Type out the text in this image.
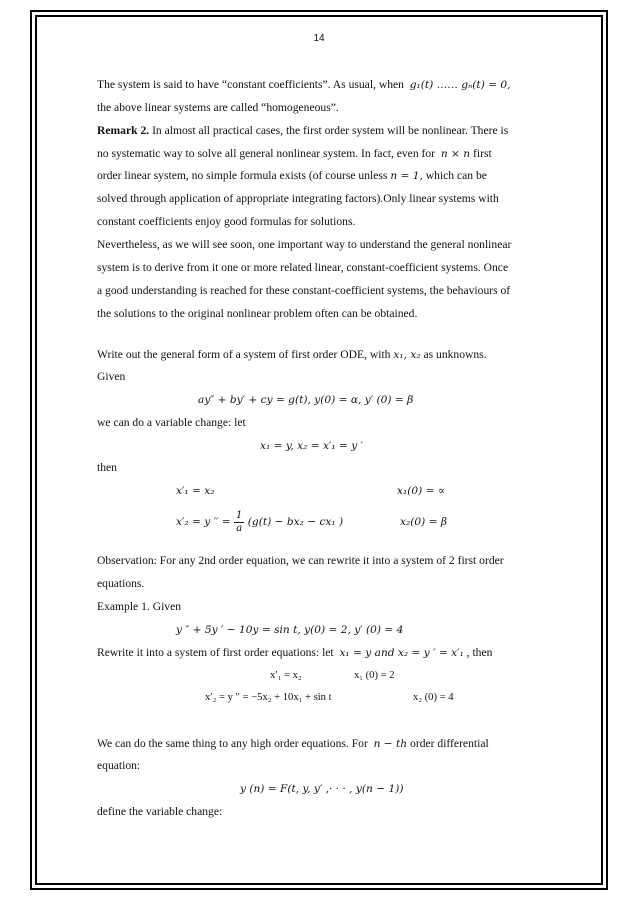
14
The system is said to have “constant coefficients”. As usual, when g₁(t) …… gₙ(t) = 0,
the above linear systems are called “homogeneous”.
Remark 2. In almost all practical cases, the first order system will be nonlinear. There is
no systematic way to solve all general nonlinear system. In fact, even for n × n first
order linear system, no simple formula exists (of course unless n = 1, which can be
solved through application of appropriate integrating factors).Only linear systems with
constant coefficients enjoy good formulas for solutions.
Nevertheless, as we will see soon, one important way to understand the general nonlinear
system is to derive from it one or more related linear, constant-coefficient systems. Once
a good understanding is reached for these constant-coefficient systems, the behaviours of
the solutions to the original nonlinear problem often can be obtained.
Write out the general form of a system of first order ODE, with x₁, x₂ as unknowns.
Given
ay″ + by′ + cy = g(t), y(0) = α, y′ (0) = β
we can do a variable change: let
x₁ = y, x₂ = x′₁ = y ′
then
x′₁ = x₂	x₁(0) = ∝
x′₂ = y ′′ = $\frac{1}{a} (g(t) - bx_2 - cx_1$ )	x₂(0) = β
Observation: For any 2nd order equation, we can rewrite it into a system of 2 first order
equations.
Example 1. Given
y ″ + 5y ′ − 10y = sin t, y(0) = 2, y′ (0) = 4
Rewrite it into a system of first order equations: let x₁ = y and x₂ = y ′ = x′₁ , then
x′₁ = x₂	x₁ (0) = 2
x′₂ = y ″ = −5x₂ + 10x₁ + sin t	x₂ (0) = 4
We can do the same thing to any high order equations. For n − th order differential
equation:
y (n) = F(t, y, y′ ,· · · , y(n − 1))
define the variable change:
